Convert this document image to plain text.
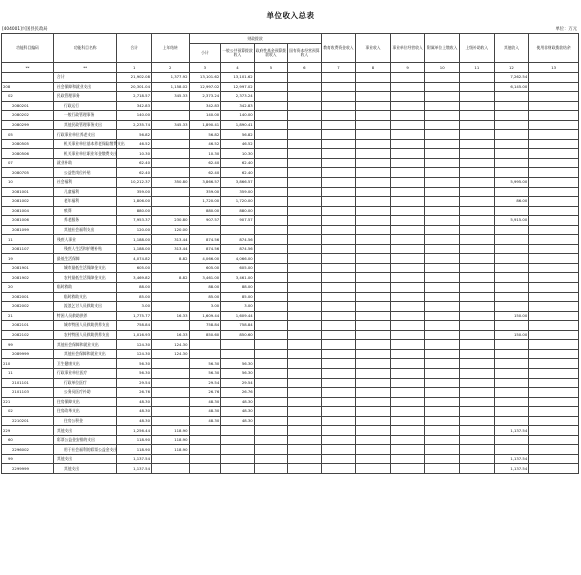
单位收入总表
[404001]兴国县民政局	单位：万元
功能科目编码	功能科目名称	合计	上年结转	财政拨款				教育收费资金收入	事业收入	事业单位经营收入	附属单位上缴收入	上级补助收入	其他收入	使用非财政拨款结余
				小计	一般公共预算拨款收入	政府性基金预算拨款收入	国有资本经营预算收入							
**	**	1	2	3	4	5	6	7	8	9	10	11	12	13
	合计	21,902.08	1,377.92	13,101.62	13,101.62								7,262.54	
208	社会保障和就业支出	20,301.04	1,158.02	12,997.02	12,997.02								6,145.00	
02	民政管理事务	2,718.57	345.33	2,373.24	2,373.24									
2080201	行政运行	342.83		342.83	342.83									
2080202	一般行政管理事务	140.00		140.00	140.00									
2080299	其他民政管理事务支出	2,235.74	345.33	1,890.41	1,890.41									
05	行政事业单位养老支出	56.82		56.82	56.82									
2080505	机关事业单位基本养老保险缴费支出	46.52		46.52	46.52									
2080506	机关事业单位职业年金缴费支出	10.30		10.30	10.30									
07	就业补助	62.40		62.40	62.40									
2080705	公益性岗位补贴	62.40		62.40	62.40									
10	社会福利	10,212.37	350.80	3,866.57	3,866.57								5,995.00	
2081001	儿童福利	359.00		359.00	359.00									
2081002	老年福利	1,806.00		1,720.00	1,720.00								86.00	
2081004	殡葬	880.00		880.00	880.00									
2081006	养老服务	7,953.37	230.80	907.57	907.57								5,915.00	
2081099	其他社会福利支出	120.00	120.00											
11	残疾人事业	1,188.00	313.44	874.56	874.56									
2081107	残疾人生活和护理补贴	1,188.00	313.44	874.56	874.56									
19	最低生活保障	4,074.82	8.82	4,066.00	4,066.00									
2081901	城市最低生活保障金支出	605.00		605.00	605.00									
2081902	农村最低生活保障金支出	3,469.82	8.82	3,461.00	3,461.00									
20	临时救助	88.00		88.00	88.00									
2082001	临时救助支出	85.00		85.00	85.00									
2082002	流浪乞讨人员救助支出	3.00		3.00	3.00									
21	特困人员救助供养	1,775.77	16.33	1,609.44	1,609.44								150.00	
2082101	城市特困人员救助供养支出	758.84		758.84	758.84									
2082102	农村特困人员救助供养支出	1,016.93	16.33	850.60	850.60								150.00	
99	其他社会保障和就业支出	124.30	124.30											
2089999	其他社会保障和就业支出	124.30	124.30											
210	卫生健康支出	56.30		56.30	56.30									
11	行政事业单位医疗	56.30		56.30	56.30									
2101101	行政单位医疗	29.54		29.54	29.54									
2101103	公务员医疗补助	26.76		26.76	26.76									
221	住房保障支出	48.30		48.30	48.30									
02	住房改革支出	48.30		48.30	48.30									
2210201	住房公积金	48.30		48.30	48.30									
229	其他支出	1,256.44	118.90										1,137.54	
60	彩票公益金安排的支出	118.90	118.90											
2296002	用于社会福利的彩票公益金支出	118.90	118.90											
99	其他支出	1,137.54											1,137.54	
2299999	其他支出	1,137.54											1,137.54	
